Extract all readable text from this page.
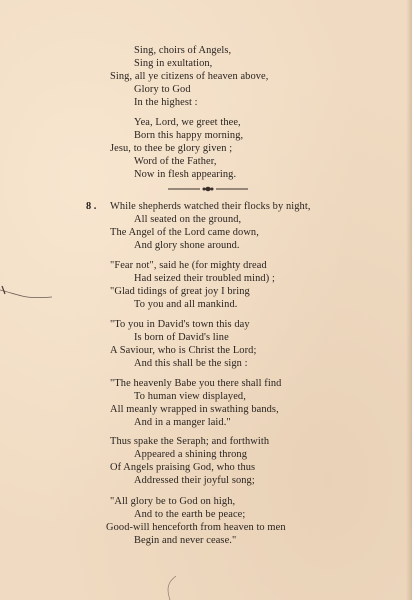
Sing, choirs of Angels,
Sing in exultation,
Sing, all ye citizens of heaven above,
Glory to God
In the highest :
Yea, Lord, we greet thee,
Born this happy morning,
Jesu, to thee be glory given ;
Word of the Father,
Now in flesh appearing.
8 . While shepherds watched their flocks by night,
All seated on the ground,
The Angel of the Lord came down,
And glory shone around.
"Fear not", said he (for mighty dread
Had seized their troubled mind) ;
"Glad tidings of great joy I bring
To you and all mankind.
"To you in David's town this day
Is born of David's line
A Saviour, who is Christ the Lord;
And this shall be the sign :
"The heavenly Babe you there shall find
To human view displayed,
All meanly wrapped in swathing bands,
And in a manger laid."
Thus spake the Seraph; and forthwith
Appeared a shining throng
Of Angels praising God, who thus
Addressed their joyful song;
"All glory be to God on high,
And to the earth be peace;
Good-will henceforth from heaven to men
Begin and never cease."
